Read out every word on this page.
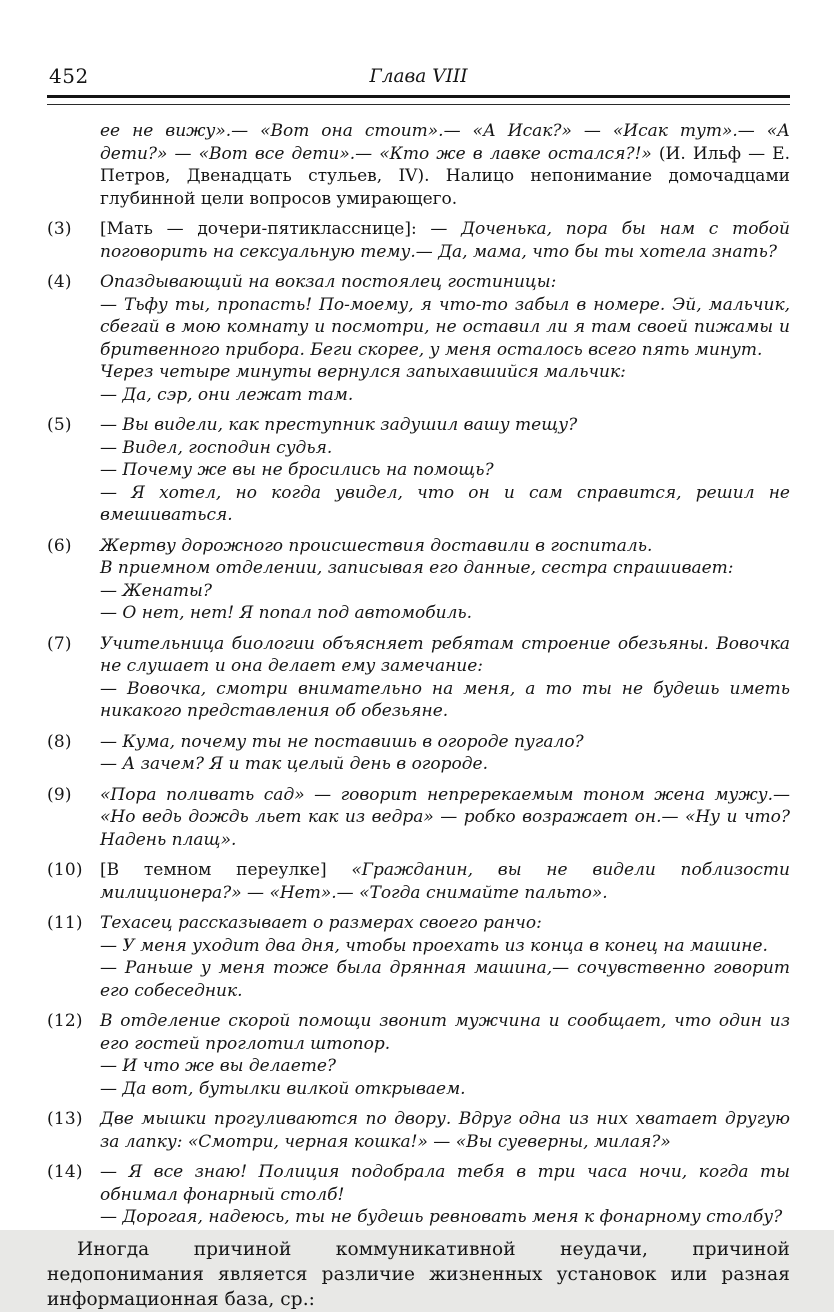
452	Глава VIII
ее не вижу».— «Вот она стоит».— «А Исак?» — «Исак тут».— «А дети?» — «Вот все дети».— «Кто же в лавке остался?!» (И. Ильф — Е. Петров, Двенадцать стульев, IV). Налицо непонимание домочадцами глубинной цели вопросов умирающего.
(3)	[Мать — дочери-пятикласснице]: — Доченька, пора бы нам с тобой поговорить на сексуальную тему.— Да, мама, что бы ты хотела знать?
(4)	Опаздывающий на вокзал постоялец гостиницы:
— Тьфу ты, пропасть! По-моему, я что-то забыл в номере. Эй, мальчик, сбегай в мою комнату и посмотри, не оставил ли я там своей пижамы и бритвенного прибора. Беги скорее, у меня осталось всего пять минут.
Через четыре минуты вернулся запыхавшийся мальчик:
— Да, сэр, они лежат там.
(5)	— Вы видели, как преступник задушил вашу тещу?
— Видел, господин судья.
— Почему же вы не бросились на помощь?
— Я хотел, но когда увидел, что он и сам справится, решил не вмешиваться.
(6)	Жертву дорожного происшествия доставили в госпиталь.
В приемном отделении, записывая его данные, сестра спрашивает:
— Женаты?
— О нет, нет! Я попал под автомобиль.
(7)	Учительница биологии объясняет ребятам строение обезьяны. Вовочка не слушает и она делает ему замечание:
— Вовочка, смотри внимательно на меня, а то ты не будешь иметь никакого представления об обезьяне.
(8)	— Кума, почему ты не поставишь в огороде пугало?
— А зачем? Я и так целый день в огороде.
(9)	«Пора поливать сад» — говорит непререкаемым тоном жена мужу.— «Но ведь дождь льет как из ведра» — робко возражает он.— «Ну и что? Надень плащ».
(10)	[В темном переулке] «Гражданин, вы не видели поблизости милиционера?» — «Нет».— «Тогда снимайте пальто».
(11)	Техасец рассказывает о размерах своего ранчо:
— У меня уходит два дня, чтобы проехать из конца в конец на машине.
— Раньше у меня тоже была дрянная машина,— сочувственно говорит его собеседник.
(12)	В отделение скорой помощи звонит мужчина и сообщает, что один из его гостей проглотил штопор.
— И что же вы делаете?
— Да вот, бутылки вилкой открываем.
(13)	Две мышки прогуливаются по двору. Вдруг одна из них хватает другую за лапку: «Смотри, черная кошка!» — «Вы суеверны, милая?»
(14)	— Я все знаю! Полиция подобрала тебя в три часа ночи, когда ты обнимал фонарный столб!
— Дорогая, надеюсь, ты не будешь ревновать меня к фонарному столбу?

Иногда причиной коммуникативной неудачи, причиной недопонимания является различие жизненных установок или разная информационная база, ср.:
